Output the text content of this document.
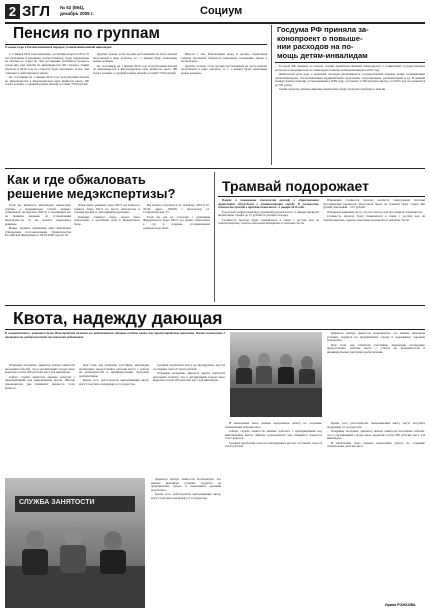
2 ЗГЛ № 52 (594),
декабрь 2009 г.	Социум
Пенсия по группам
О какие годы в России изменится порядок установления пенсий инвалидам

С 1 января 2010 года инвалиды, достигшие возраста 60 и 55 лет (мужчины и женщины соответственно), будут переведены на пенсию по старости. Для достижения указанного возраста среди них уже пенсия по инвалидности (III степень). Таким образом, в 2010 году по старости будет выплачено более, чем отмечено в действующем законе.

По состоянию на 1 января 2010 года получателями пенсий по инвалидности в Краснодарском крае являются около 180 тысяч человек, а средний размер пенсии составит 5550 рублей.

Другим словом, если сегодня рассчитывали на часть пенсии получаемой в виде доплаты, то с 1 января будут назначены новые размеры.

По состоянию на 1 января 2010 года получателями пенсий по инвалидности в Краснодарском крае являются около 180 тысяч человек, а средний размер пенсии составит 5550 рублей.

Вместе с тем, Пенсионный фонд и органы социальной защиты населения обязуются выполнить положения закона в полной мере.

Другим словом, если сегодня рассчитывали на часть пенсии получаемой в виде доплаты, то с 1 января будут назначены новые размеры.

Госдума РФ приняла за-
конопроект о повыше-
нии расходов на по-
мощь детям-инвалидам

Госдума РФ приняла во втором чтении правительственный законопроект о повышении государственных расходов на медицинскую и социальную помощь детям-инвалидам в 2010 году.

Фактически речь идет о норматив, которым увеличивается государственная помощь детям, осваивающим детям-инвалидам, обеспечивающим медицинскими средствами, оздоровлением, реабилитацией и т.д. В данный момент размер помощи, установленный в 2009 году, составляет 2 500 рублей в месяц, а в 2010 году он повысится до 531 рубль.

Таким образом, ребенок-инвалид ежемесячно будет получать надбавку к пенсии.

Как и где обжаловать
решение медэкспертизы?

Если вы являетесь инвалидом, какой-либо группы, а медицинская служба медико-социальной экспертизы (МСЭ) в отношении вас не приняла решение об установлении инвалидности, то вы можете обжаловать решение.

Новые правила признания лица инвалидом утверждены постановлением Правительства Российской Федерации от 20.02.2006 года № 95.

Обжаловать решение бюро МСЭ вы можете в главное бюро МСЭ по месту жительства в течение месяца со дня принятия решения.

Решение главного бюро может быть обжаловано в месячный срок в Федеральное бюро.

Вы можете обратиться по телефону: (8615) 47-76-93, адрес: 350058, г. Краснодар, ул. Ставропольская, 75.

Если же вы не согласны с решением Федерального бюро МСЭ, его можно обжаловать в суд в порядке, установленном законодательством.

Трамвай подорожает

Вопрос о повышении стоимости проезда в общественном транспорте обсуждался в администрации города. В частности, стоимость проезда в трамвае повысится с 1 января 2010 года.

Городской электротранспорт (трамвай) предлагается с 1 января провести индексацию тарифа до 12 рублей за разовую поездку.

Стоимость проезда будет повышаться в связи с ростом цен на электроэнергию, горюче-смазочные материалы и запасные части.

Изменения стоимости проезда коснутся электронной системы пассажирских перевозок. Проездной билет на трамвай будет стоить 490 рублей, школьный – 215 рублей.

Обращаем внимание на то, что все льготы для пассажиров сохраняются.

Стоимость проезда будет повышаться в связи с ростом цен на электроэнергию, горюче-смазочные материалы и запасные части.

Квота, надежду дающая
В соответствии с решением думы Новогородской области все работодатели обязаны создать квоту для трудоустройства инвалидов. Квота составляет 2 процента от среднесписочной численности работников.

Директор центра занятости подчеркнула, что многие инвалиды успешно трудятся на предприятиях города и показывают хорошие результаты.

При этом, как отметили участники, инвалидам необходимо предоставлять рабочие места с учетом их возможностей и индивидуальных программ реабилитации.

Открывая заседание, директор центра занятости населения отметил, что в организациях города было выделено почти 200 рабочих мест для инвалидов.

Сейчас служба занятости активно работает с предприятиями над выполнением квоты. Многие руководители уже понимают важность этого вопроса.

При этом, как отметили участники, инвалидам необходимо предоставлять рабочие места с учетом их возможностей и индивидуальных программ реабилитации.

Кроме того, работодатели, выполняющие квоту, могут получить поддержку от государства.

Средняя заработная плата на квотируемых местах составляет около 6 тысяч рублей.

Открывая заседание, директор центра занятости населения отметил, что в организациях города было выделено почти 200 рабочих мест для инвалидов.

СЛУЖБА ЗАНЯТОСТИ

Директор центра занятости подчеркнула, что многие инвалиды успешно трудятся на предприятиях города и показывают хорошие результаты.

Кроме того, работодатели, выполняющие квоту, могут получить поддержку от государства.

В заключение было решено продолжить работу по созданию специальных рабочих мест.

Сейчас служба занятости активно работает с предприятиями над выполнением квоты. Многие руководители уже понимают важность этого вопроса.

Средняя заработная плата на квотируемых местах составляет около 6 тысяч рублей.

Кроме того, работодатели, выполняющие квоту, могут получить поддержку от государства.

Открывая заседание, директор центра занятости населения отметил, что в организациях города было выделено почти 200 рабочих мест для инвалидов.

В заключение было решено продолжить работу по созданию специальных рабочих мест.

Ирина РОЖКОВА
